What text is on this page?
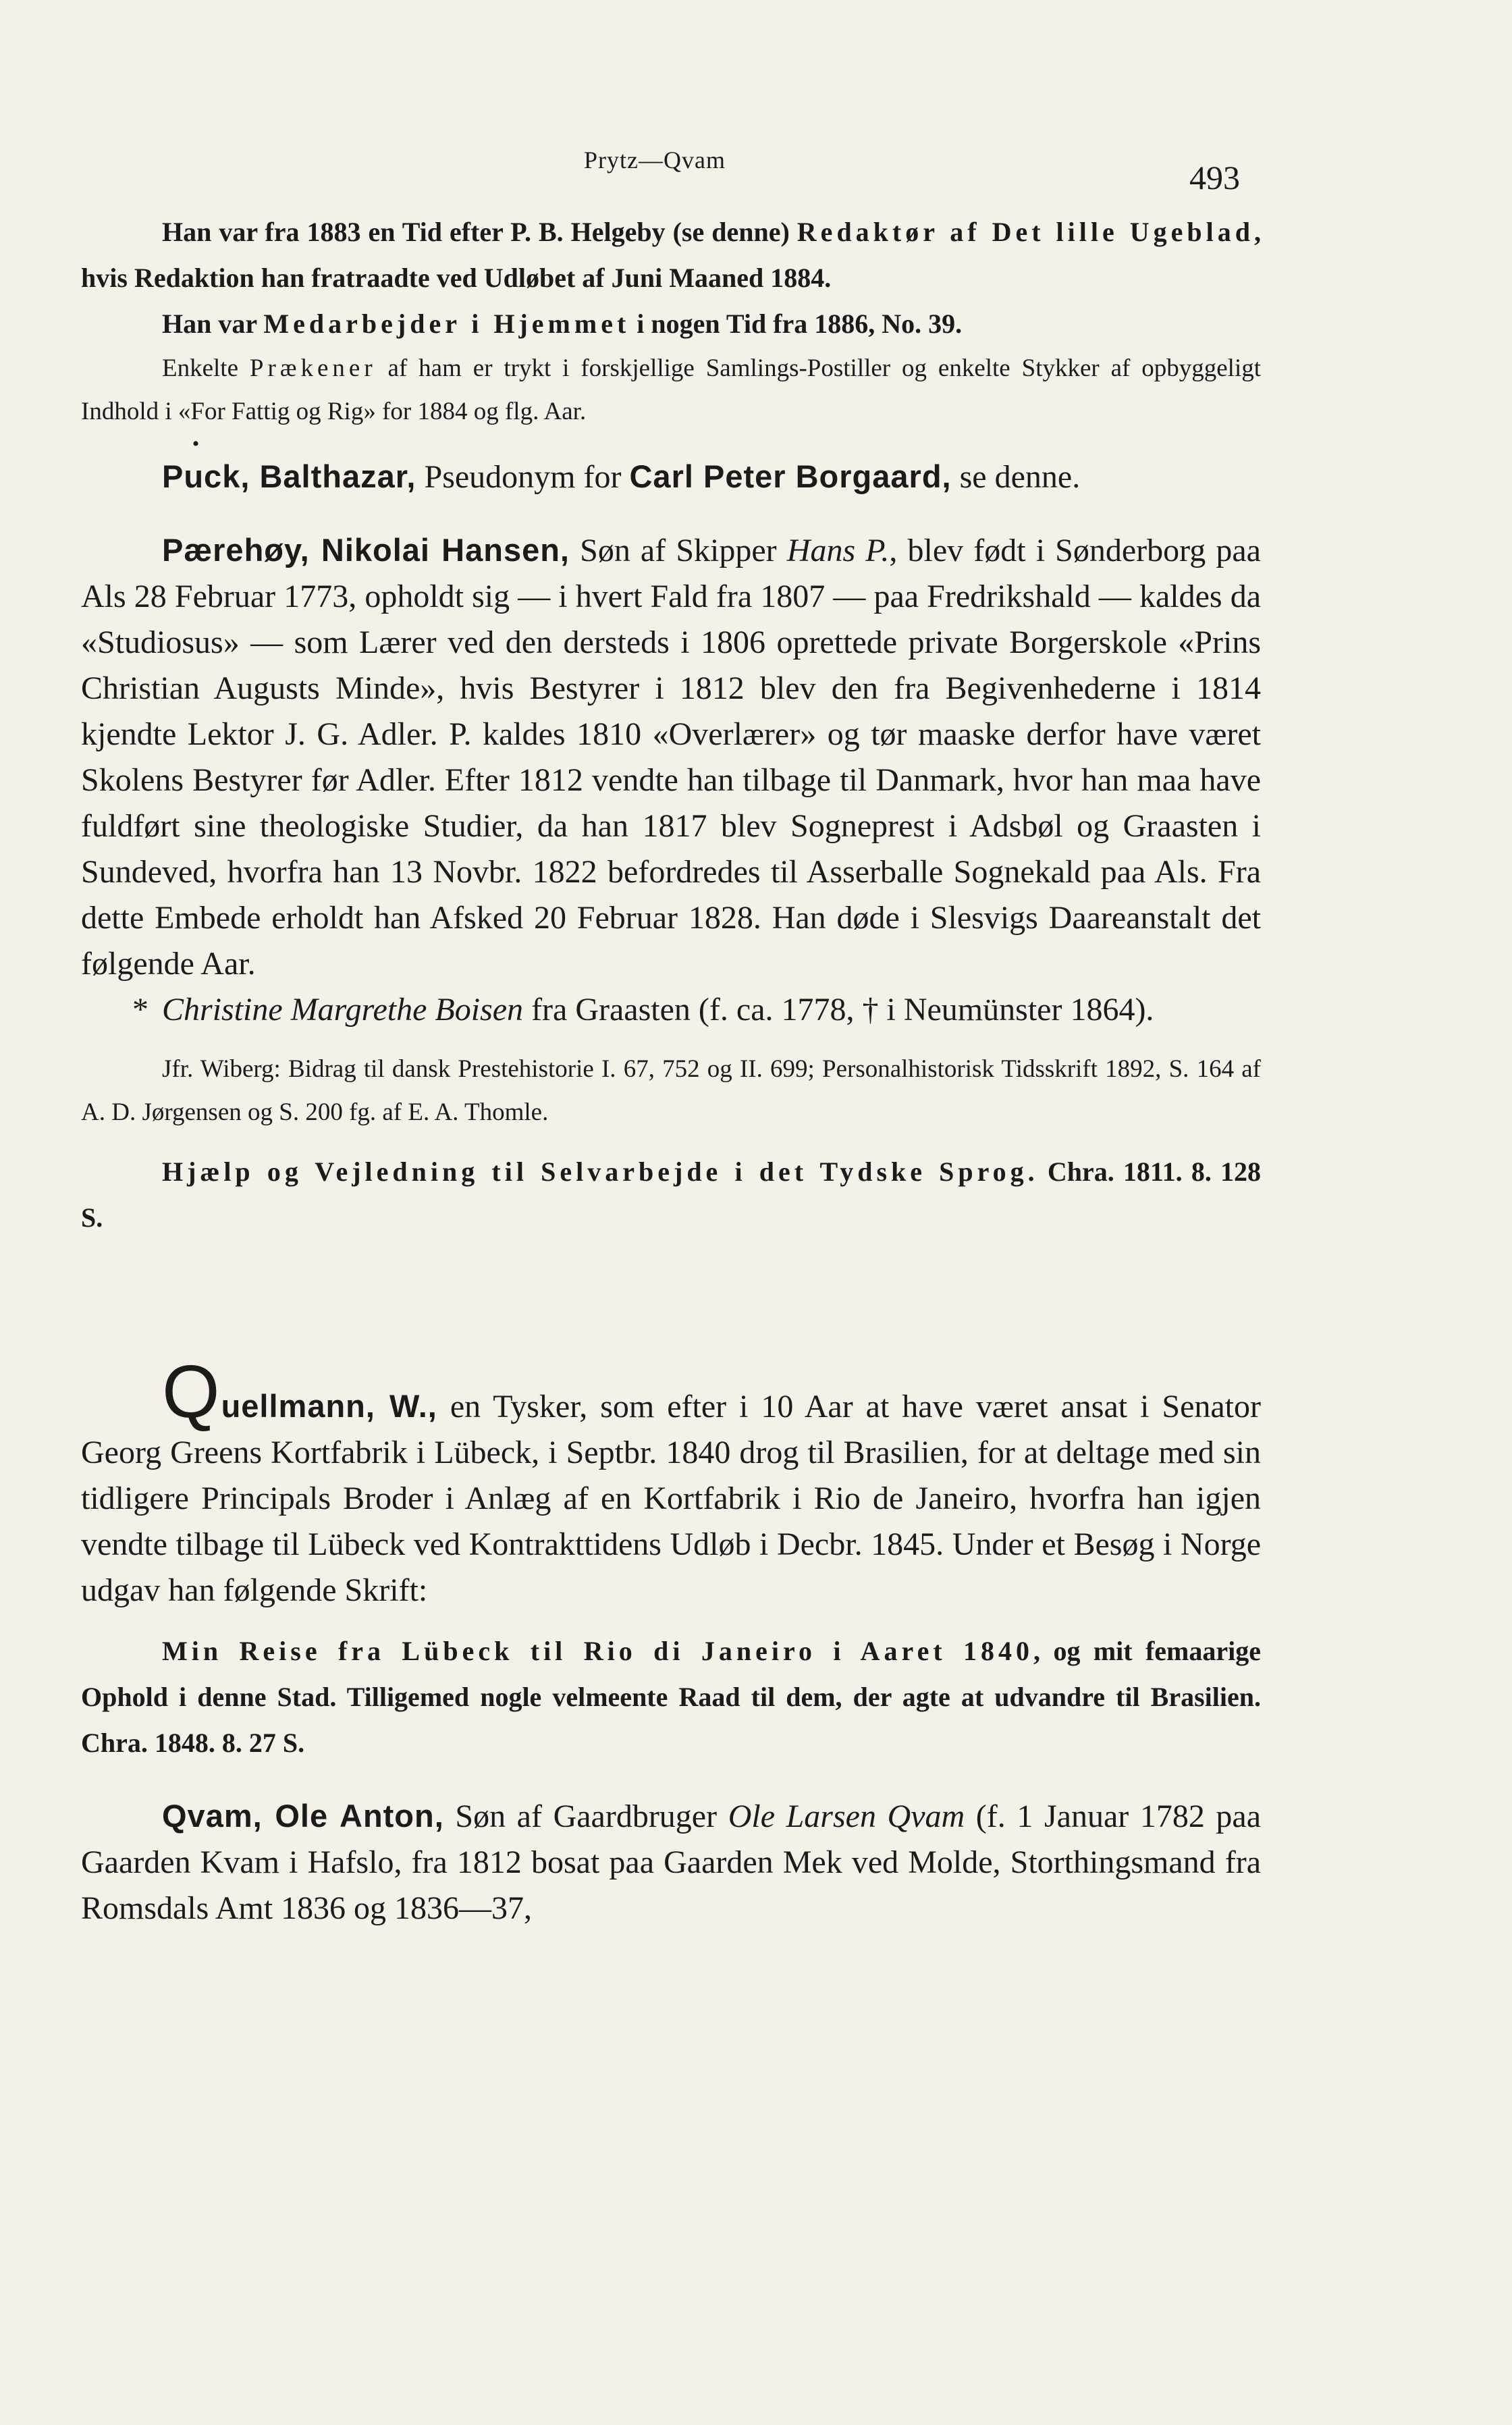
Prytz—Qvam	493

Han var fra 1883 en Tid efter P. B. Helgeby (se denne) Redaktør af Det lille Ugeblad, hvis Redaktion han fratraadte ved Udløbet af Juni Maaned 1884.

Han var Medarbejder i Hjemmet i nogen Tid fra 1886, No. 39.

Enkelte Prækener af ham er trykt i forskjellige Samlings-Postiller og enkelte Stykker af opbyggeligt Indhold i «For Fattig og Rig» for 1884 og flg. Aar.

•

Puck, Balthazar, Pseudonym for Carl Peter Borgaard, se denne.

Pærehøy, Nikolai Hansen, Søn af Skipper Hans P., blev født i Sønderborg paa Als 28 Februar 1773, opholdt sig — i hvert Fald fra 1807 — paa Fredrikshald — kaldes da «Studiosus» — som Lærer ved den dersteds i 1806 oprettede private Borgerskole «Prins Christian Augusts Minde», hvis Bestyrer i 1812 blev den fra Begivenhederne i 1814 kjendte Lektor J. G. Adler. P. kaldes 1810 «Overlærer» og tør maaske derfor have været Skolens Bestyrer før Adler. Efter 1812 vendte han tilbage til Danmark, hvor han maa have fuldført sine theologiske Studier, da han 1817 blev Sogneprest i Adsbøl og Graasten i Sundeved, hvorfra han 13 Novbr. 1822 befordredes til Asserballe Sognekald paa Als. Fra dette Embede erholdt han Afsked 20 Februar 1828. Han døde i Slesvigs Daareanstalt det følgende Aar.

* Christine Margrethe Boisen fra Graasten (f. ca. 1778, † i Neumünster 1864).

Jfr. Wiberg: Bidrag til dansk Prestehistorie I. 67, 752 og II. 699; Personalhistorisk Tidsskrift 1892, S. 164 af A. D. Jørgensen og S. 200 fg. af E. A. Thomle.

Hjælp og Vejledning til Selvarbejde i det Tydske Sprog. Chra. 1811. 8. 128 S.

Quellmann, W., en Tysker, som efter i 10 Aar at have været ansat i Senator Georg Greens Kortfabrik i Lübeck, i Septbr. 1840 drog til Brasilien, for at deltage med sin tidligere Principals Broder i Anlæg af en Kortfabrik i Rio de Janeiro, hvorfra han igjen vendte tilbage til Lübeck ved Kontrakttidens Udløb i Decbr. 1845. Under et Besøg i Norge udgav han følgende Skrift:

Min Reise fra Lübeck til Rio di Janeiro i Aaret 1840, og mit femaarige Ophold i denne Stad. Tilligemed nogle velmeente Raad til dem, der agte at udvandre til Brasilien. Chra. 1848. 8. 27 S.

Qvam, Ole Anton, Søn af Gaardbruger Ole Larsen Qvam (f. 1 Januar 1782 paa Gaarden Kvam i Hafslo, fra 1812 bosat paa Gaarden Mek ved Molde, Storthingsmand fra Romsdals Amt 1836 og 1836—37,
